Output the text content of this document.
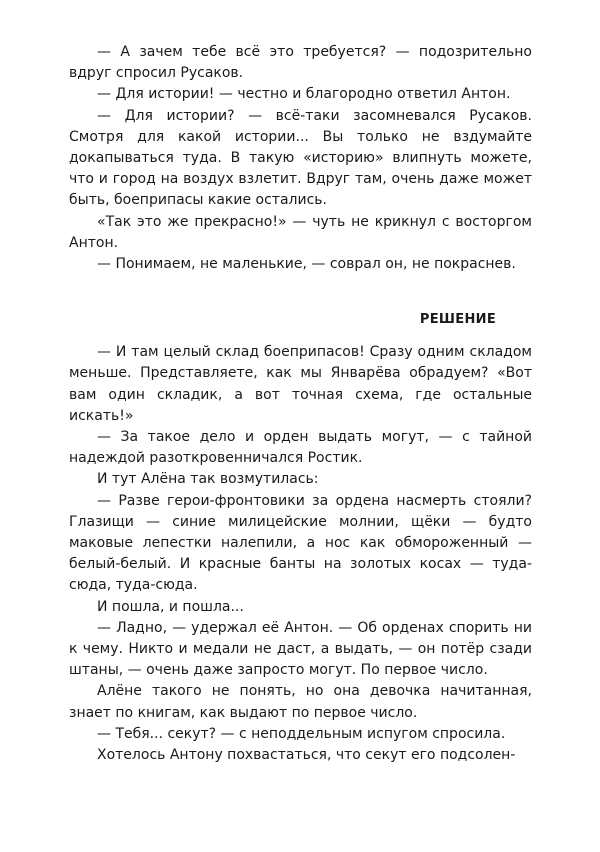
— А зачем тебе всё это требуется? — подозрительно вдруг спросил Русаков.

— Для истории! — честно и благородно ответил Антон.

— Для истории? — всё-таки засомневался Русаков. Смотря для какой истории... Вы только не вздумайте докапываться туда. В такую «историю» влипнуть можете, что и город на воздух взлетит. Вдруг там, очень даже может быть, боеприпасы какие остались.

«Так это же прекрасно!» — чуть не крикнул с восторгом Антон.

— Понимаем, не маленькие, — соврал он, не покраснев.

РЕШЕНИЕ

— И там целый склад боеприпасов! Сразу одним складом меньше. Представляете, как мы Январёва обрадуем? «Вот вам один складик, а вот точная схема, где остальные искать!»

— За такое дело и орден выдать могут, — с тайной надеждой разоткровенничался Ростик.

И тут Алёна так возмутилась:

— Разве герои-фронтовики за ордена насмерть стояли? Глазищи — синие милицейские молнии, щёки — будто маковые лепестки налепили, а нос как обмороженный — белый-белый. И красные банты на золотых косах — туда-сюда, туда-сюда.

И пошла, и пошла...

— Ладно, — удержал её Антон. — Об орденах спорить ни к чему. Никто и медали не даст, а выдать, — он потёр сзади штаны, — очень даже запросто могут. По первое число.

Алёне такого не понять, но она девочка начитанная, знает по книгам, как выдают по первое число.

— Тебя... секут? — с неподдельным испугом спросила.

Хотелось Антону похвастаться, что секут его подсолен-
